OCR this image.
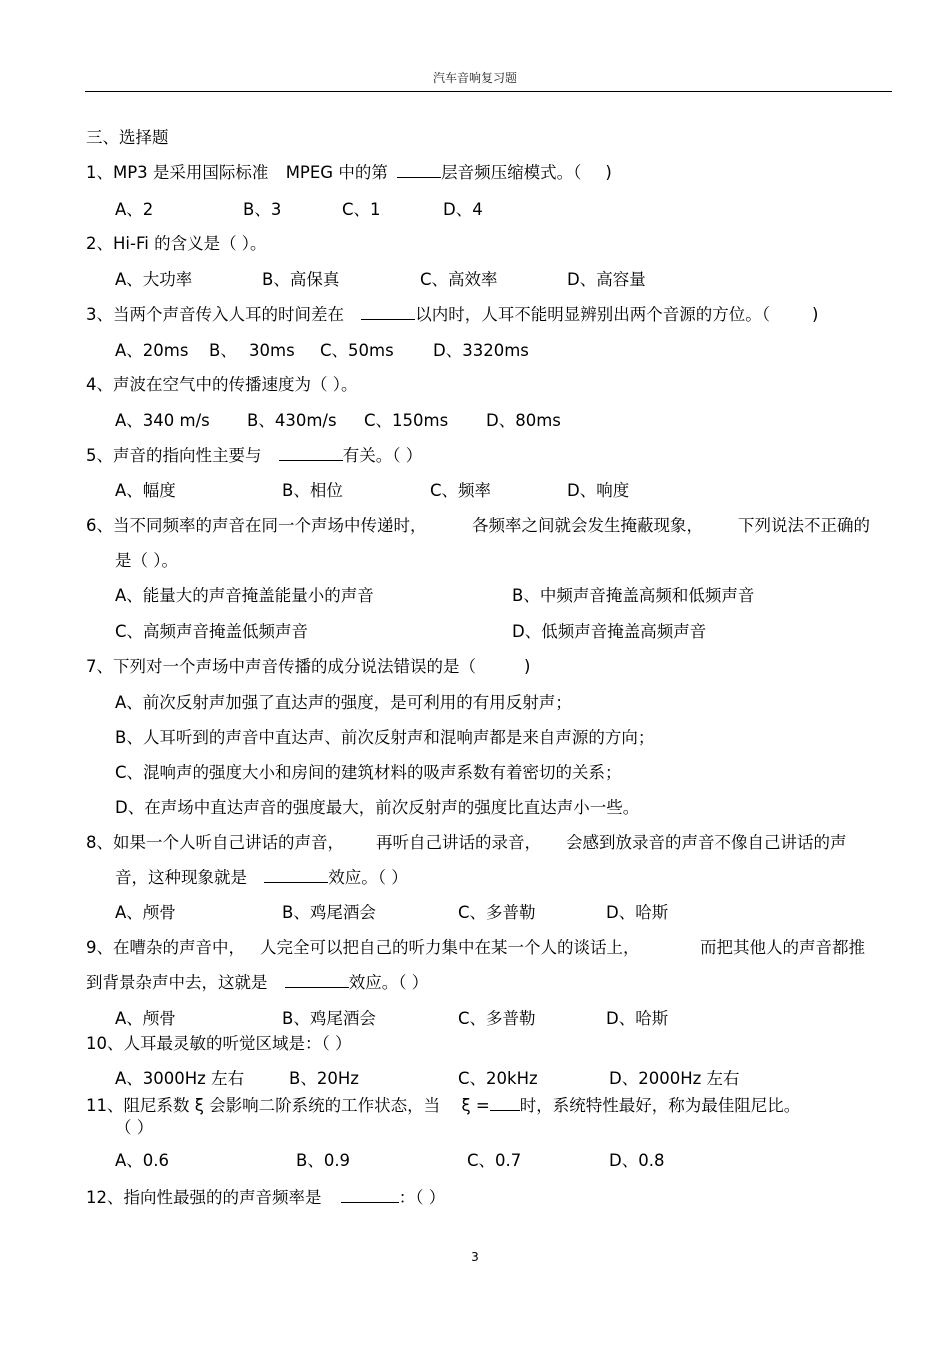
汽车音响复习题
三、选择题
1、MP3 是采用国际标准 MPEG 中的第	层音频压缩模式。（ )
A、2	B、3	C、1	D、4
2、Hi-Fi 的含义是（ ）。
A、大功率	B、高保真	C、高效率	D、高容量
3、当两个声音传入人耳的时间差在	以内时，人耳不能明显辨别出两个音源的方位。（	)
A、20ms B、 30ms C、50ms D、3320ms
4、声波在空气中的传播速度为（ ）。
A、340 m/s B、430m/s C、150ms D、80ms
5、声音的指向性主要与	有关。（ ）
A、幅度	B、相位	C、频率	D、响度
6、当不同频率的声音在同一个声场中传递时，	各频率之间就会发生掩蔽现象， 下列说法不正确的
是（ ）。
A、能量大的声音掩盖能量小的声音	B、中频声音掩盖高频和低频声音
C、高频声音掩盖低频声音	D、低频声音掩盖高频声音
7、下列对一个声场中声音传播的成分说法错误的是（	)
A、前次反射声加强了直达声的强度，是可利用的有用反射声；
B、人耳听到的声音中直达声、前次反射声和混响声都是来自声源的方向；
C、混响声的强度大小和房间的建筑材料的吸声系数有着密切的关系；
D、在声场中直达声音的强度最大，前次反射声的强度比直达声小一些。
8、如果一个人听自己讲话的声音， 再听自己讲话的录音， 会感到放录音的声音不像自己讲话的声
音，这种现象就是	效应。（ ）
A、颅骨	B、鸡尾酒会	C、多普勒	D、哈斯
9、在嘈杂的声音中， 人完全可以把自己的听力集中在某一个人的谈话上，	而把其他人的声音都推
到背景杂声中去，这就是	效应。（ ）
A、颅骨	B、鸡尾酒会	C、多普勒	D、哈斯
10、人耳最灵敏的听觉区域是：（ ）
A、3000Hz 左右	B、20Hz	C、20kHz	D、2000Hz 左右
11、阻尼系数 ξ 会影响二阶系统的工作状态，当 ξ = 时，系统特性最好，称为最佳阻尼比。
（ ）
A、0.6	B、0.9	C、0.7	D、0.8
12、指向性最强的的声音频率是	：（ ）
3
